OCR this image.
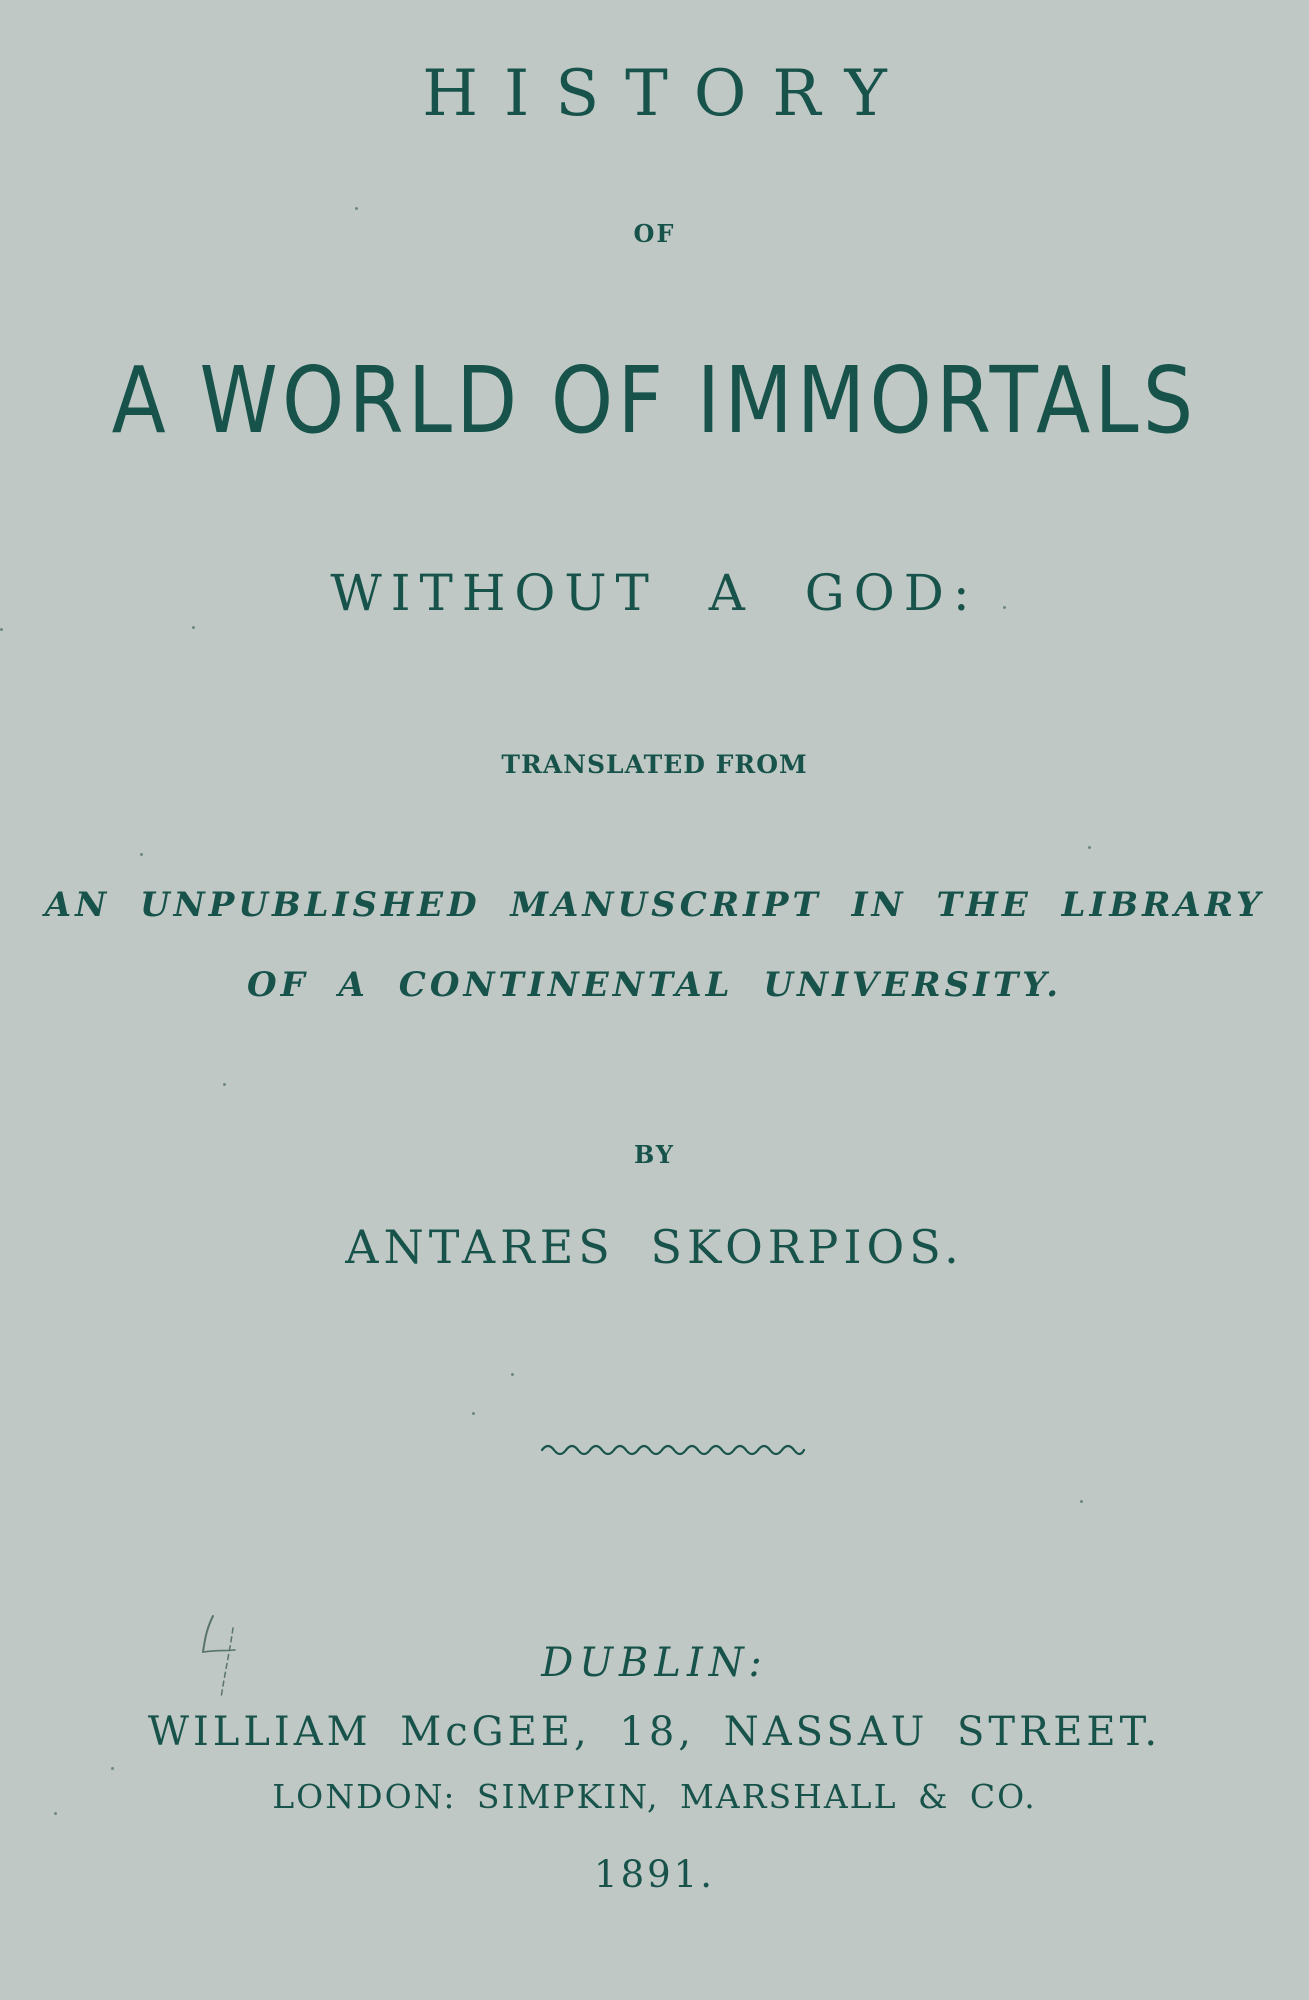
HISTORY
OF
A WORLD OF IMMORTALS
WITHOUT A GOD:
TRANSLATED FROM
AN UNPUBLISHED MANUSCRIPT IN THE LIBRARY
OF A CONTINENTAL UNIVERSITY.
BY
ANTARES SKORPIOS.
DUBLIN:
WILLIAM McGEE, 18, NASSAU STREET.
LONDON: SIMPKIN, MARSHALL & CO.
1891.
